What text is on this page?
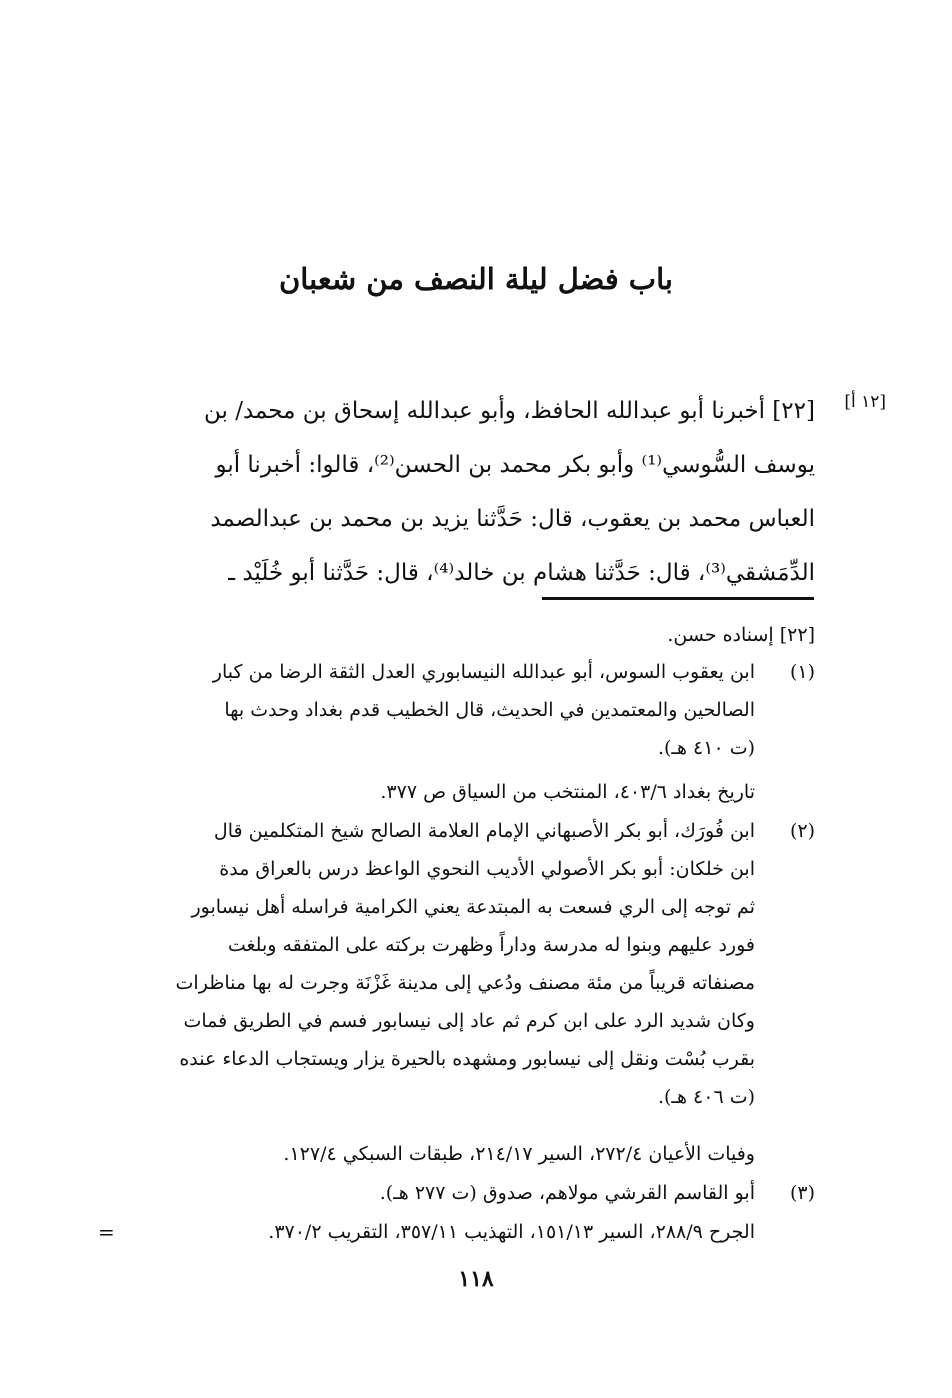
باب فضل ليلة النصف من شعبان
[١٢ أ]
[٢٢] أخبرنا أبو عبدالله الحافظ، وأبو عبدالله إسحاق بن محمد/ بن
يوسف السُّوسي⁽¹⁾ وأبو بكر محمد بن الحسن⁽²⁾، قالوا: أخبرنا أبو
العباس محمد بن يعقوب، قال: حَدَّثنا يزيد بن محمد بن عبدالصمد
الدِّمَشقي⁽³⁾، قال: حَدَّثنا هشام بن خالد⁽⁴⁾، قال: حَدَّثنا أبو خُلَيْد ـ
[٢٢] إسناده حسن.
(١)
ابن يعقوب السوس، أبو عبدالله النيسابوري العدل الثقة الرضا من كبار
الصالحين والمعتمدين في الحديث، قال الخطيب قدم بغداد وحدث بها
(ت ٤١٠ هـ).
تاريخ بغداد ٤٠٣/٦، المنتخب من السياق ص ٣٧٧.
(٢)
ابن فُورَك، أبو بكر الأصبهاني الإمام العلامة الصالح شيخ المتكلمين قال
ابن خلكان: أبو بكر الأصولي الأديب النحوي الواعظ درس بالعراق مدة
ثم توجه إلى الري فسعت به المبتدعة يعني الكرامية فراسله أهل نيسابور
فورد عليهم وبنوا له مدرسة وداراً وظهرت بركته على المتفقه وبلغت
مصنفاته قريباً من مئة مصنف ودُعي إلى مدينة غَزْنَة وجرت له بها مناظرات
وكان شديد الرد على ابن كرم ثم عاد إلى نيسابور فسم في الطريق فمات
بقرب بُسْت ونقل إلى نيسابور ومشهده بالحيرة يزار ويستجاب الدعاء عنده
(ت ٤٠٦ هـ).
وفيات الأعيان ٢٧٢/٤، السير ٢١٤/١٧، طبقات السبكي ١٢٧/٤.
(٣)
أبو القاسم القرشي مولاهم، صدوق (ت ٢٧٧ هـ).
الجرح ٢٨٨/٩، السير ١٥١/١٣، التهذيب ٣٥٧/١١، التقريب ٣٧٠/٢.
=
١١٨
